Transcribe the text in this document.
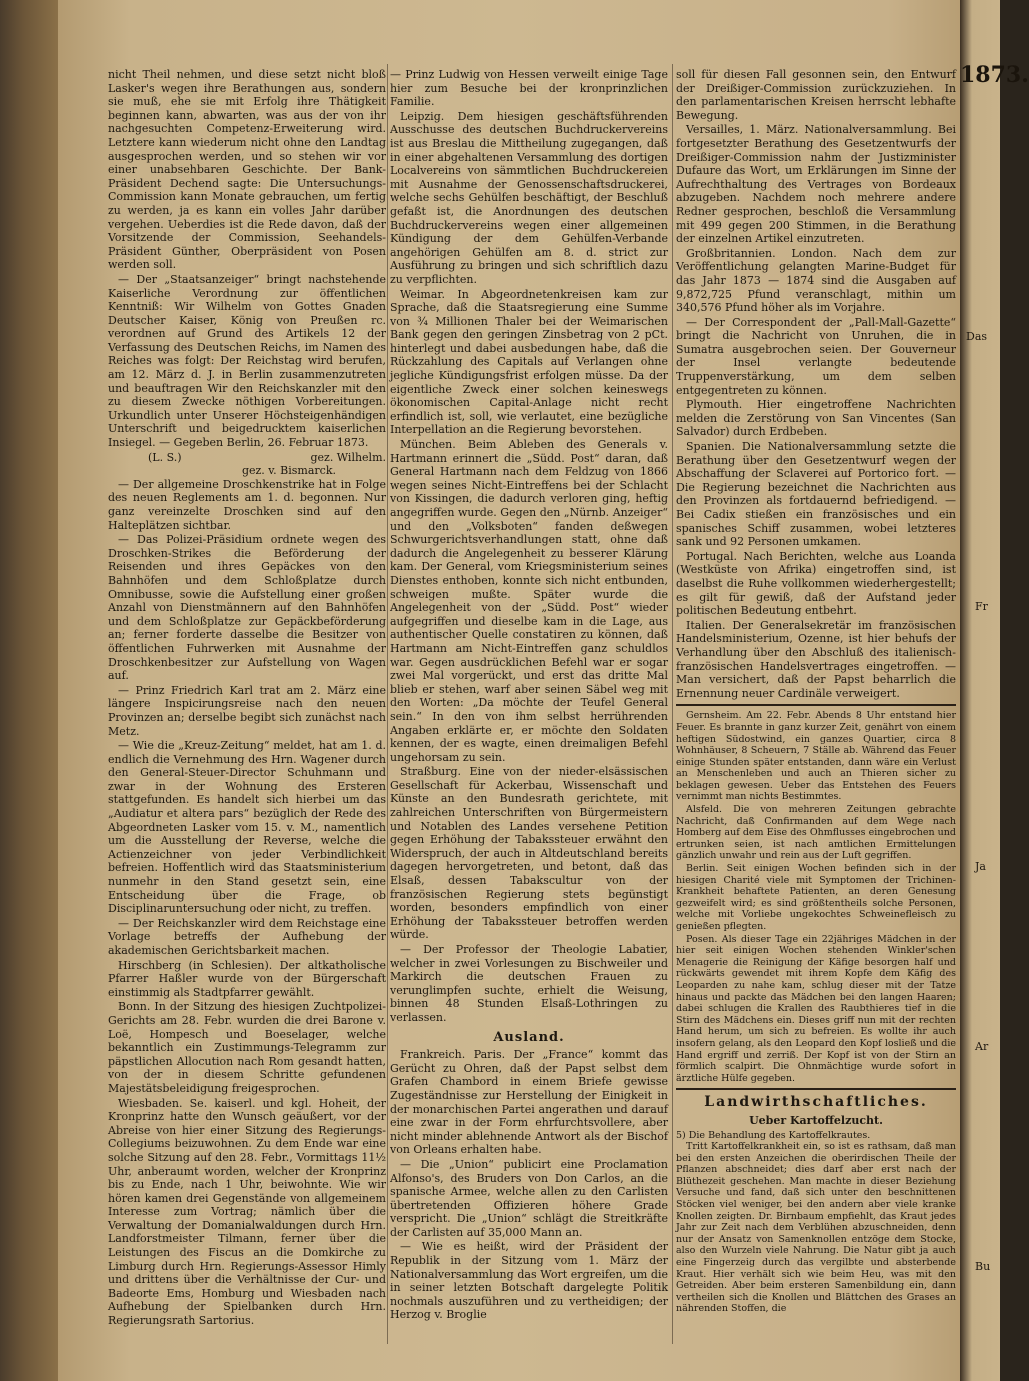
1873.
Das
Fr
Ja
Ar
Bu

nicht Theil nehmen, und diese setzt nicht bloß Lasker's wegen ihre Berathungen aus, sondern sie muß, ehe sie mit Erfolg ihre Thätigkeit beginnen kann, abwarten, was aus der von ihr nachgesuchten Competenz-Erweiterung wird. Letztere kann wiederum nicht ohne den Landtag ausgesprochen werden, und so stehen wir vor einer unabsehbaren Geschichte. Der Bank-Präsident Dechend sagte: Die Untersuchungs-Commission kann Monate gebrauchen, um fertig zu werden, ja es kann ein volles Jahr darüber vergehen. Ueberdies ist die Rede davon, daß der Vorsitzende der Commission, Seehandels-Präsident Günther, Oberpräsident von Posen werden soll.

— Der „Staatsanzeiger“ bringt nachstehende Kaiserliche Verordnung zur öffentlichen Kenntniß: Wir Wilhelm von Gottes Gnaden Deutscher Kaiser, König von Preußen rc. verordnen auf Grund des Artikels 12 der Verfassung des Deutschen Reichs, im Namen des Reiches was folgt: Der Reichstag wird berufen, am 12. März d. J. in Berlin zusammenzutreten und beauftragen Wir den Reichskanzler mit den zu diesem Zwecke nöthigen Vorbereitungen. Urkundlich unter Unserer Höchsteigenhändigen Unterschrift und beigedrucktem kaiserlichen Insiegel. — Gegeben Berlin, 26. Februar 1873.

(L. S.)	gez. Wilhelm.
gez. v. Bismarck.

— Der allgemeine Droschkenstrike hat in Folge des neuen Reglements am 1. d. begonnen. Nur ganz vereinzelte Droschken sind auf den Halteplätzen sichtbar.

— Das Polizei-Präsidium ordnete wegen des Droschken-Strikes die Beförderung der Reisenden und ihres Gepäckes von den Bahnhöfen und dem Schloßplatze durch Omnibusse, sowie die Aufstellung einer großen Anzahl von Dienstmännern auf den Bahnhöfen und dem Schloßplatze zur Gepäckbeförderung an; ferner forderte dasselbe die Besitzer von öffentlichen Fuhrwerken mit Ausnahme der Droschkenbesitzer zur Aufstellung von Wagen auf.

— Prinz Friedrich Karl trat am 2. März eine längere Inspicirungsreise nach den neuen Provinzen an; derselbe begibt sich zunächst nach Metz.

— Wie die „Kreuz-Zeitung“ meldet, hat am 1. d. endlich die Vernehmung des Hrn. Wagener durch den General-Steuer-Director Schuhmann und zwar in der Wohnung des Ersteren stattgefunden. Es handelt sich hierbei um das „Audiatur et altera pars“ bezüglich der Rede des Abgeordneten Lasker vom 15. v. M., namentlich um die Ausstellung der Reverse, welche die Actienzeichner von jeder Verbindlichkeit befreien. Hoffentlich wird das Staatsministerium nunmehr in den Stand gesetzt sein, eine Entscheidung über die Frage, ob Disciplinaruntersuchung oder nicht, zu treffen.

— Der Reichskanzler wird dem Reichstage eine Vorlage betreffs der Aufhebung der akademischen Gerichtsbarkeit machen.

Hirschberg (in Schlesien). Der altkatholische Pfarrer Haßler wurde von der Bürgerschaft einstimmig als Stadtpfarrer gewählt.

Bonn. In der Sitzung des hiesigen Zuchtpolizei-Gerichts am 28. Febr. wurden die drei Barone v. Loë, Hompesch und Boeselager, welche bekanntlich ein Zustimmungs-Telegramm zur päpstlichen Allocution nach Rom gesandt hatten, von der in diesem Schritte gefundenen Majestätsbeleidigung freigesprochen.

Wiesbaden. Se. kaiserl. und kgl. Hoheit, der Kronprinz hatte den Wunsch geäußert, vor der Abreise von hier einer Sitzung des Regierungs-Collegiums beizuwohnen. Zu dem Ende war eine solche Sitzung auf den 28. Febr., Vormittags 11½ Uhr, anberaumt worden, welcher der Kronprinz bis zu Ende, nach 1 Uhr, beiwohnte. Wie wir hören kamen drei Gegenstände von allgemeinem Interesse zum Vortrag; nämlich über die Verwaltung der Domanialwaldungen durch Hrn. Landforstmeister Tilmann, ferner über die Leistungen des Fiscus an die Domkirche zu Limburg durch Hrn. Regierungs-Assessor Himly und drittens über die Verhältnisse der Cur- und Badeorte Ems, Homburg und Wiesbaden nach Aufhebung der Spielbanken durch Hrn. Regierungsrath Sartorius.

— Prinz Ludwig von Hessen verweilt einige Tage hier zum Besuche bei der kronprinzlichen Familie.

Leipzig. Dem hiesigen geschäftsführenden Ausschusse des deutschen Buchdruckervereins ist aus Breslau die Mittheilung zugegangen, daß in einer abgehaltenen Versammlung des dortigen Localvereins von sämmtlichen Buchdruckereien mit Ausnahme der Genossenschaftsdruckerei, welche sechs Gehülfen beschäftigt, der Beschluß gefaßt ist, die Anordnungen des deutschen Buchdruckervereins wegen einer allgemeinen Kündigung der dem Gehülfen-Verbande angehörigen Gehülfen am 8. d. strict zur Ausführung zu bringen und sich schriftlich dazu zu verpflichten.

Weimar. In Abgeordnetenkreisen kam zur Sprache, daß die Staatsregierung eine Summe von ¾ Millionen Thaler bei der Weimarischen Bank gegen den geringen Zinsbetrag von 2 pCt. hinterlegt und dabei ausbedungen habe, daß die Rückzahlung des Capitals auf Verlangen ohne jegliche Kündigungsfrist erfolgen müsse. Da der eigentliche Zweck einer solchen keineswegs ökonomischen Capital-Anlage nicht recht erfindlich ist, soll, wie verlautet, eine bezügliche Interpellation an die Regierung bevorstehen.

München. Beim Ableben des Generals v. Hartmann erinnert die „Südd. Post“ daran, daß General Hartmann nach dem Feldzug von 1866 wegen seines Nicht-Eintreffens bei der Schlacht von Kissingen, die dadurch verloren ging, heftig angegriffen wurde. Gegen den „Nürnb. Anzeiger“ und den „Volksboten“ fanden deßwegen Schwurgerichtsverhandlungen statt, ohne daß dadurch die Angelegenheit zu besserer Klärung kam. Der General, vom Kriegsministerium seines Dienstes enthoben, konnte sich nicht entbunden, schweigen mußte. Später wurde die Angelegenheit von der „Südd. Post“ wieder aufgegriffen und dieselbe kam in die Lage, aus authentischer Quelle constatiren zu können, daß Hartmann am Nicht-Eintreffen ganz schuldlos war. Gegen ausdrücklichen Befehl war er sogar zwei Mal vorgerückt, und erst das dritte Mal blieb er stehen, warf aber seinen Säbel weg mit den Worten: „Da möchte der Teufel General sein.“ In den von ihm selbst herrührenden Angaben erklärte er, er möchte den Soldaten kennen, der es wagte, einen dreimaligen Befehl ungehorsam zu sein.

Straßburg. Eine von der nieder-elsässischen Gesellschaft für Ackerbau, Wissenschaft und Künste an den Bundesrath gerichtete, mit zahlreichen Unterschriften von Bürgermeistern und Notablen des Landes versehene Petition gegen Erhöhung der Tabakssteuer erwähnt den Widerspruch, der auch in Altdeutschland bereits dagegen hervorgetreten, und betont, daß das Elsaß, dessen Tabakscultur von der französischen Regierung stets begünstigt worden, besonders empfindlich von einer Erhöhung der Tabakssteuer betroffen werden würde.

— Der Professor der Theologie Labatier, welcher in zwei Vorlesungen zu Bischweiler und Markirch die deutschen Frauen zu verunglimpfen suchte, erhielt die Weisung, binnen 48 Stunden Elsaß-Lothringen zu verlassen.

Ausland.

Frankreich. Paris. Der „France“ kommt das Gerücht zu Ohren, daß der Papst selbst dem Grafen Chambord in einem Briefe gewisse Zugeständnisse zur Herstellung der Einigkeit in der monarchischen Partei angerathen und darauf eine zwar in der Form ehrfurchtsvollere, aber nicht minder ablehnende Antwort als der Bischof von Orleans erhalten habe.

— Die „Union“ publicirt eine Proclamation Alfonso's, des Bruders von Don Carlos, an die spanische Armee, welche allen zu den Carlisten übertretenden Offizieren höhere Grade verspricht. Die „Union“ schlägt die Streitkräfte der Carlisten auf 35,000 Mann an.

— Wie es heißt, wird der Präsident der Republik in der Sitzung vom 1. März der Nationalversammlung das Wort ergreifen, um die in seiner letzten Botschaft dargelegte Politik nochmals auszuführen und zu vertheidigen; der Herzog v. Broglie

soll für diesen Fall gesonnen sein, den Entwurf der Dreißiger-Commission zurückzuziehen. In den parlamentarischen Kreisen herrscht lebhafte Bewegung.

Versailles, 1. März. Nationalversammlung. Bei fortgesetzter Berathung des Gesetzentwurfs der Dreißiger-Commission nahm der Justizminister Dufaure das Wort, um Erklärungen im Sinne der Aufrechthaltung des Vertrages von Bordeaux abzugeben. Nachdem noch mehrere andere Redner gesprochen, beschloß die Versammlung mit 499 gegen 200 Stimmen, in die Berathung der einzelnen Artikel einzutreten.

Großbritannien. London. Nach dem zur Veröffentlichung gelangten Marine-Budget für das Jahr 1873 — 1874 sind die Ausgaben auf 9,872,725 Pfund veranschlagt, mithin um 340,576 Pfund höher als im Vorjahre.

— Der Correspondent der „Pall-Mall-Gazette“ bringt die Nachricht von Unruhen, die in Sumatra ausgebrochen seien. Der Gouverneur der Insel verlangte bedeutende Truppenverstärkung, um dem selben entgegentreten zu können.

Plymouth. Hier eingetroffene Nachrichten melden die Zerstörung von San Vincentes (San Salvador) durch Erdbeben.

Spanien. Die Nationalversammlung setzte die Berathung über den Gesetzentwurf wegen der Abschaffung der Sclaverei auf Portorico fort. — Die Regierung bezeichnet die Nachrichten aus den Provinzen als fortdauernd befriedigend. — Bei Cadix stießen ein französisches und ein spanisches Schiff zusammen, wobei letzteres sank und 92 Personen umkamen.

Portugal. Nach Berichten, welche aus Loanda (Westküste von Afrika) eingetroffen sind, ist daselbst die Ruhe vollkommen wiederhergestellt; es gilt für gewiß, daß der Aufstand jeder politischen Bedeutung entbehrt.

Italien. Der Generalsekretär im französischen Handelsministerium, Ozenne, ist hier behufs der Verhandlung über den Abschluß des italienisch-französischen Handelsvertrages eingetroffen. — Man versichert, daß der Papst beharrlich die Ernennung neuer Cardinäle verweigert.

Gernsheim. Am 22. Febr. Abends 8 Uhr entstand hier Feuer. Es brannte in ganz kurzer Zeit, genährt von einem heftigen Südostwind, ein ganzes Quartier, circa 8 Wohnhäuser, 8 Scheuern, 7 Ställe ab. Während das Feuer einige Stunden später entstanden, dann wäre ein Verlust an Menschenleben und auch an Thieren sicher zu beklagen gewesen. Ueber das Entstehen des Feuers vernimmt man nichts Bestimmtes.

Alsfeld. Die von mehreren Zeitungen gebrachte Nachricht, daß Confirmanden auf dem Wege nach Homberg auf dem Eise des Ohmflusses eingebrochen und ertrunken seien, ist nach amtlichen Ermittelungen gänzlich unwahr und rein aus der Luft gegriffen.

Berlin. Seit einigen Wochen befinden sich in der hiesigen Charité viele mit Symptomen der Trichinen-Krankheit behaftete Patienten, an deren Genesung gezweifelt wird; es sind größtentheils solche Personen, welche mit Vorliebe ungekochtes Schweinefleisch zu genießen pflegten.

Posen. Als dieser Tage ein 22jähriges Mädchen in der hier seit einigen Wochen stehenden Winkler'schen Menagerie die Reinigung der Käfige besorgen half und rückwärts gewendet mit ihrem Kopfe dem Käfig des Leoparden zu nahe kam, schlug dieser mit der Tatze hinaus und packte das Mädchen bei den langen Haaren; dabei schlugen die Krallen des Raubthieres tief in die Stirn des Mädchens ein. Dieses griff nun mit der rechten Hand herum, um sich zu befreien. Es wollte ihr auch insofern gelang, als den Leopard den Kopf losließ und die Hand ergriff und zerriß. Der Kopf ist von der Stirn an förmlich scalpirt. Die Ohnmächtige wurde sofort in ärztliche Hülfe gegeben.

Landwirthschaftliches.
Ueber Kartoffelzucht.
5) Die Behandlung des Kartoffelkrautes.

Tritt Kartoffelkrankheit ein, so ist es rathsam, daß man bei den ersten Anzeichen die oberirdischen Theile der Pflanzen abschneidet; dies darf aber erst nach der Blüthezeit geschehen. Man machte in dieser Beziehung Versuche und fand, daß sich unter den beschnittenen Stöcken viel weniger, bei den andern aber viele kranke Knollen zeigten. Dr. Birnbaum empfiehlt, das Kraut jedes Jahr zur Zeit nach dem Verblühen abzuschneiden, denn nur der Ansatz von Samenknollen entzöge dem Stocke, also den Wurzeln viele Nahrung. Die Natur gibt ja auch eine Fingerzeig durch das vergilbte und absterbende Kraut. Hier verhält sich wie beim Heu, was mit den Getreiden. Aber beim ersteren Samenbildung ein, dann vertheilen sich die Knollen und Blättchen des Grases an nährenden Stoffen, die
